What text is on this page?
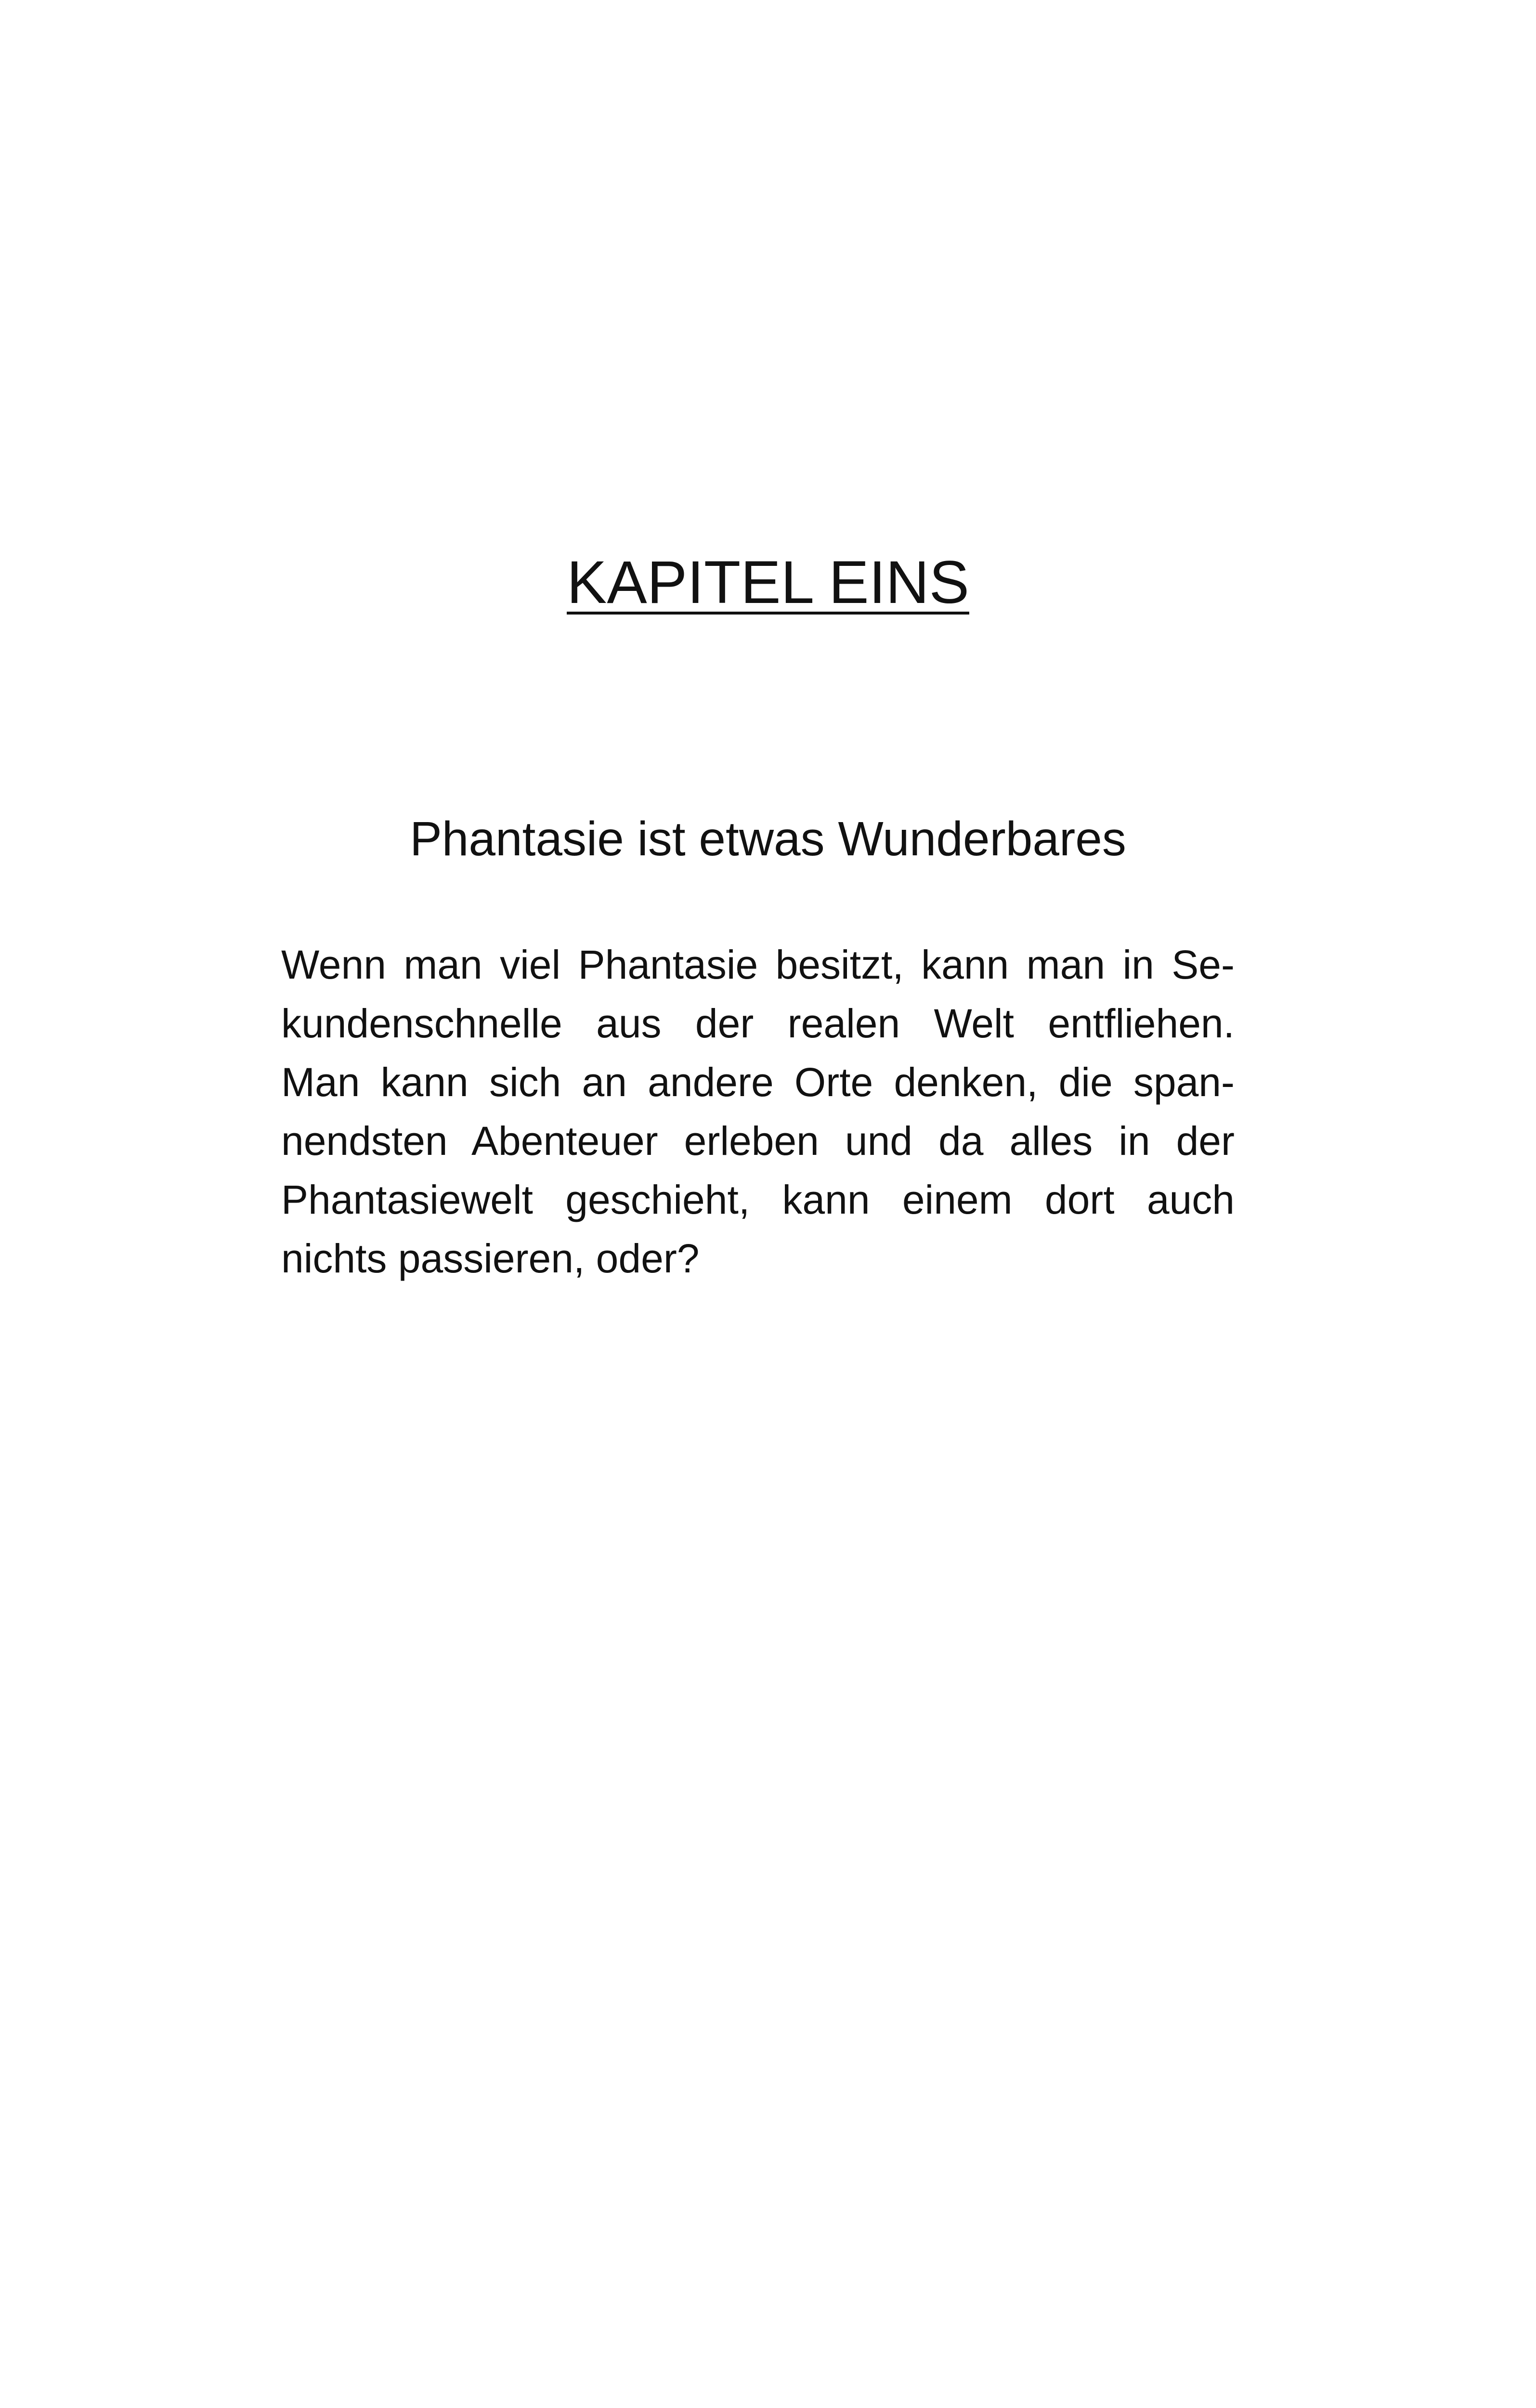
KAPITEL EINS
Phantasie ist etwas Wunderbares

Wenn man viel Phantasie besitzt, kann man in Se-
kundenschnelle aus der realen Welt entfliehen.
Man kann sich an andere Orte denken, die span-
nendsten Abenteuer erleben und da alles in der
Phantasiewelt geschieht, kann einem dort auch
nichts passieren, oder?
